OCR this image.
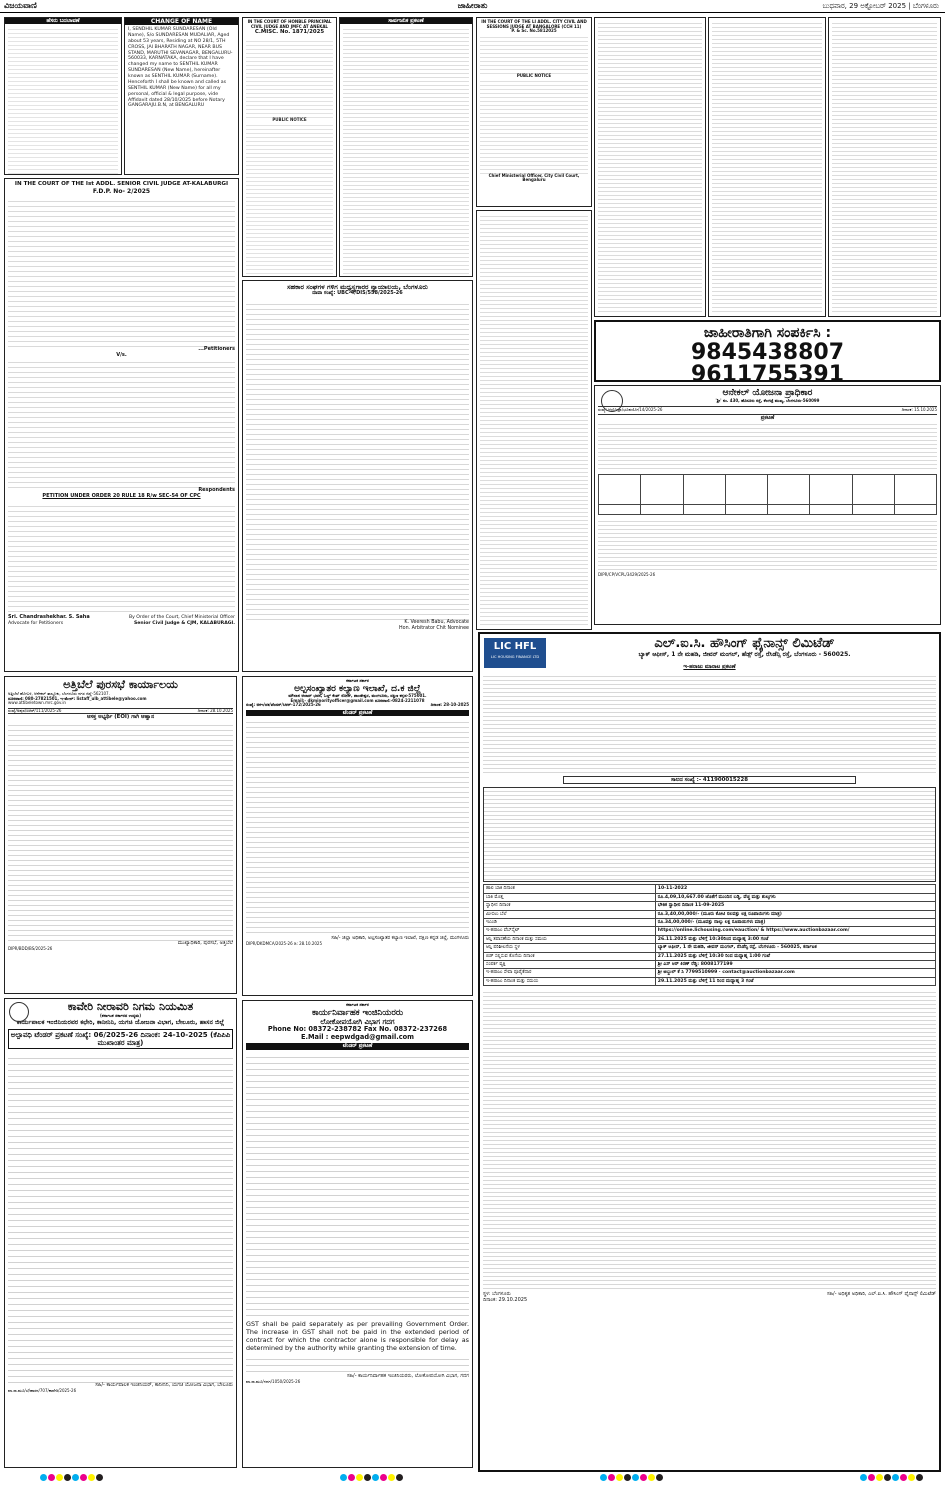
ವಿಜಯವಾಣಿ	ಜಾಹೀರಾತು	ಬುಧವಾರ, 29 ಅಕ್ಟೋಬರ್ 2025 | ಬೆಂಗಳೂರು
ಹೆಸರು ಬದಲಾವಣೆ	CHANGE OF NAME
I, SENDHIL KUMAR SUNDARESAN (Old Name), S/o SUNDARESAN MUDALIAR, Aged about 53 years, Residing at NO 28/1, 5TH CROSS, JAI BHARATH NAGAR, NEAR BUS STAND, MARUTHI SEVANAGAR, BENGALURU-560033, KARNATAKA, declare that I have changed my name to SENTHIL KUMAR SUNDARESAN (New Name), hereinafter known as SENTHIL KUMAR (Surname). Henceforth I shall be known and called as SENTHIL KUMAR (New Name) for all my personal, official & legal purpose, vide Affidavit dated 28/10/2025 before Notary GANGARAJU.B.N, at BENGALURU
IN THE COURT OF HONBLE PRINCIPAL CIVIL JUDGE AND JMFC AT ANEKAL
C.MISC. No. 1871/2025
PUBLIC NOTICE
ಸಾರ್ವಜನಿಕ ಪ್ರಕಟಣೆ	IN THE COURT OF THE LI ADDL. CITY CIVIL AND SESSIONS JUDGE AT BANGALORE (CCH 11)
P. & Sc. No.5812025
PUBLIC NOTICE
Chief Ministerial Officer, City Civil Court, Bengaluru
IN THE COURT OF THE Ist ADDL. SENIOR CIVIL JUDGE AT-KALABURGI
F.D.P. No- 2/2025
...Petitioners
V/s.
Respondents
PETITION UNDER ORDER 20 RULE 18 R/w SEC-54 OF CPC
Sri. Chandrashekhar. S. Saha
Advocate for Petitioners
By Order of the Court, Chief Ministerial Officer
Senior Civil Judge & CJM, KALABURAGI.
ಸಹಕಾರ ಸಂಘಗಳ ಗಳಿಗ ಮಧ್ಯಸ್ಥಗಾರರ ನ್ಯಾಯಾಲಯ, ಬೆಂಗಳೂರು
ದಾವಾ ಸಂಖ್ಯೆ: UBC-4/DIS/558/2025-26
K. Veeresh Babu, Advocate
Hon. Arbitrator Chit Nominee
ಜಾಹೀರಾತಿಗಾಗಿ ಸಂಪರ್ಕಿಸಿ :
9845438807
9611755391
ಆನೇಕಲ್ ಯೋಜನಾ ಪ್ರಾಧಿಕಾರ
'ಶ್ರೀ' ನಂ. 430, ಹೊಸೂರು ರಸ್ತೆ, ಕೆಲಗಟ್ಟೆ ಮುಖ್ಯ, ಬೆಂಗಳೂರು-560099
ಸಂಖ್ಯೆ: ಆಯೋಪ್ರಾ/ಭೂಪಯೋ/14/2025-26	ದಿನಾಂಕ: 15.10.2025
ಪ್ರಕಟಣೆ

DIPR/CP/VCPL/3429/2025-26
ಅತ್ತಿಬೆಲೆ ಪುರಸಭೆ ಕಾರ್ಯಾಲಯ
ಅತ್ತಿಬೆಲೆ ಹೋಬಳಿ, ಆನೇಕಲ್ ತಾಲ್ಲೂಕು, ಬೆಂಗಳೂರು ನಗರ ಜಿಲ್ಲೆ-562107.
ದೂರವಾಣಿ: 080-27821501, ಇ-ಮೇಲ್: listaff_ulb_attibele@yahoo.com
www.attibeletown.mrc.gov.in
ಸಂಖ್ಯೆ/ಅಪುಸ/ಸಿಆರ್/111/2025-26	ದಿನಾಂಕ: 28.10.2025
ಆಸಕ್ತ ಅಭ್ಯರ್ಥಿ (EOI) ಗಾಗಿ ಆಹ್ವಾನ
ಮುಖ್ಯಾಧಿಕಾರಿ, ಪುರಸಭೆ, ಅತ್ತಿಬೆಲೆ
DIPR/BDD/BS/2025-26
ಕರ್ನಾಟಕ ಸರ್ಕಾರ
ಅಲ್ಪಸಂಖ್ಯಾತರ ಕಲ್ಯಾಣ ಇಲಾಖೆ, ದ.ಕ ಜಿಲ್ಲೆ
ಮೌಲಾನ ಆಜಾದ್ ಭವನ, ಓಲ್ಡ್ ಕೆಂಟ್ ರೋಡ್, ಪಾಂಡೇಶ್ವರ, ಮಂಗಳೂರು, ದಕ್ಷಿಣ ಕನ್ನಡ-575001.
Email:- dkminorityofficer@gmail.com ದೂರವಾಣಿ:-0824-2211078
ಸಂಖ್ಯೆ: ಅಕಇ/ದಕ/ಟೆಂಡರ್/ಸಿಆರ್-172/2025-26	ದಿನಾಂಕ: 28-10-2025
ಟೆಂಡರ್ ಪ್ರಕಟಣೆ
ಸಹಿ/- ಜಿಲ್ಲಾ ಅಧಿಕಾರಿ, ಅಲ್ಪಸಂಖ್ಯಾತರ ಕಲ್ಯಾಣ ಇಲಾಖೆ, ದಕ್ಷಿಣ ಕನ್ನಡ ಜಿಲ್ಲೆ, ಮಂಗಳೂರು
DIPR/DKDMCA/2025-26 ದಿ: 28.10.2025
LIC HFL
LIC HOUSING FINANCE LTD
ಎಲ್.ಐ.ಸಿ. ಹೌಸಿಂಗ್ ಫೈನಾನ್ಸ್ ಲಿಮಿಟೆಡ್
ಬ್ಯಾಕ್ ಆಫೀಸ್, 1 ನೇ ಮಹಡಿ, ಜೀವನ್ ಮಂಗಲ್, ಹೆಡ್ಸ್ ರಸ್ತೆ, ರೆಸಿಡೆನ್ಸಿ ರಸ್ತೆ, ಬೆಂಗಳೂರು - 560025.
ಇ-ಹರಾಜು ಮಾರಾಟ ಪ್ರಕಟಣೆ
ಸಾಲದ ಸಂಖ್ಯೆ :- 411900015228
ಹಾಲಿ ಬಾಕಿ ದಿನಾಂಕ	10-11-2022
ಬಾಕಿ ಮೊತ್ತ	ರೂ.4,09,10,667.00 ಜೊತೆಗೆ ಮುಂದಿನ ಬಡ್ಡಿ, ವೆಚ್ಚ ಮತ್ತು ಶುಲ್ಕಗಳು
ಸ್ವಾಧೀನ ದಿನಾಂಕ	ಭೌತಿಕ ಸ್ವಾಧೀನ ದಿನಾಂಕ 11-09-2025
ಮೀಸಲು ಬೆಲೆ	ರೂ.3,40,00,000/- (ಮೂರು ಕೋಟಿ ನಲವತ್ತು ಲಕ್ಷ ರೂಪಾಯಿಗಳು ಮಾತ್ರ)
ಇಎಂಡಿ	ರೂ.34,00,000/- (ಮೂವತ್ತು ನಾಲ್ಕು ಲಕ್ಷ ರೂಪಾಯಿಗಳು ಮಾತ್ರ)
ಇ-ಹರಾಜು ವೆಬ್‌ಸೈಟ್	https://online.lichousing.com/eauction/ & https://www.auctionbazaar.com/
ಆಸ್ತಿ ತಪಾಸಣೆಯ ದಿನಾಂಕ ಮತ್ತು ಸಮಯ	26.11.2025 ಮತ್ತು ಬೆಳಿಗ್ಗೆ 10:30ರಿಂದ ಮಧ್ಯಾಹ್ನ 3:00 ಗಂಟೆ
ಆಸ್ತಿ ಪರಿಶೀಲನೆಯ ಸ್ಥಳ	ಬ್ಯಾಕ್ ಆಫೀಸ್, 1 ನೇ ಮಹಡಿ, ಜೀವನ್ ಮಂಗಲ್, ರೆಸಿಡೆನ್ಸಿ ರಸ್ತೆ, ಬೆಂಗಳೂರು - 560025, ಕರ್ನಾಟಕ
ಬಿಡ್ ಸಲ್ಲಿಸುವ ಕೊನೆಯ ದಿನಾಂಕ	27.11.2025 ಮತ್ತು ಬೆಳಿಗ್ಗೆ 10:30 ರಿಂದ ಮಧ್ಯಾಹ್ನ 1:00 ಗಂಟೆ
ಸಂಪರ್ಕ ವ್ಯಕ್ತಿ	ಶ್ರೀ ಎಸ್ ಆರ್ ಕಿರಣ್ ರೆಡ್ಡಿ: 8008177199
ಇ-ಹರಾಜು ಸೇವಾ ಪೂರೈಕೆದಾರ	ಶ್ರೀ ಅಬ್ದುಲ್ ಕೆ ಸಿ 7799510999 · contact@auctionbazaar.com
ಇ-ಹರಾಜು ದಿನಾಂಕ ಮತ್ತು ಸಮಯ	29.11.2025 ಮತ್ತು ಬೆಳಿಗ್ಗೆ 11 ರಿಂದ ಮಧ್ಯಾಹ್ನ 3 ಗಂಟೆ
ಸ್ಥಳ: ಬೆಂಗಳೂರು
ದಿನಾಂಕ: 29.10.2025
ಸಹಿ/- ಅಧಿಕೃತ ಅಧಿಕಾರಿ, ಎಲ್.ಐ.ಸಿ. ಹೌಸಿಂಗ್ ಫೈನಾನ್ಸ್ ಲಿಮಿಟೆಡ್
ಕಾವೇರಿ ನೀರಾವರಿ ನಿಗಮ ನಿಯಮಿತ
(ಕರ್ನಾಟಕ ಸರ್ಕಾರದ ಉದ್ಯಮ)
ಕಾರ್ಯಪಾಲಕ ಇಂಜಿನಿಯರವರ ಕಛೇರಿ, ಕಾನೀನಿನಿ, ಯಗಚಿ ಯೋಜನಾ ವಿಭಾಗ, ಬೇಲೂರು, ಹಾಸನ ಜಿಲ್ಲೆ
ಅಲ್ಪಾವಧಿ ಟೆಂಡರ್ ಪ್ರಕಟಣೆ ಸಂಖ್ಯೆ: 06/2025-26 ದಿನಾಂಕ: 24-10-2025 (ಕೆಪಿಪಿಪಿ ಮುಖಾಂತರ ಮಾತ್ರ)
ಸಹಿ/- ಕಾರ್ಯಪಾಲಕ ಇಂಜಿನಿಯರ್, ಕಾನೀನಿನಿ, ಯಗಚಿ ಯೋಜನಾ ವಿಭಾಗ, ಬೇಲೂರು
ವಾ.ಸಾ.ಮೂ/ಬೆ/ಹಾಸನ/707/ಕಾವೇರಿ/2025-26
ಕರ್ನಾಟಕ ಸರ್ಕಾರ
ಕಾರ್ಯನಿರ್ವಾಹಕ ಇಂಜಿನಿಯರರು
ಲೋಕೋಪಯೋಗಿ ವಿಭಾಗ ಗದಗ
Phone No: 08372-238782 Fax No. 08372-237268
E.Mail : eepwdgad@gmail.com
ಟೆಂಡರ್ ಪ್ರಕಟಣೆ
GST shall be paid separately as per prevailing Government Order. The increase in GST shall not be paid in the extended period of contract for which the contractor alone is responsible for delay as determined by the authority while granting the extension of time.
ಸಹಿ/- ಕಾರ್ಯನಿರ್ವಾಹಕ ಇಂಜಿನಿಯರರು, ಲೋಕೋಪಯೋಗಿ ವಿಭಾಗ, ಗದಗ
ವಾ.ಸಾ.ಮೂ/ಗದಗ/1050/2025-26
